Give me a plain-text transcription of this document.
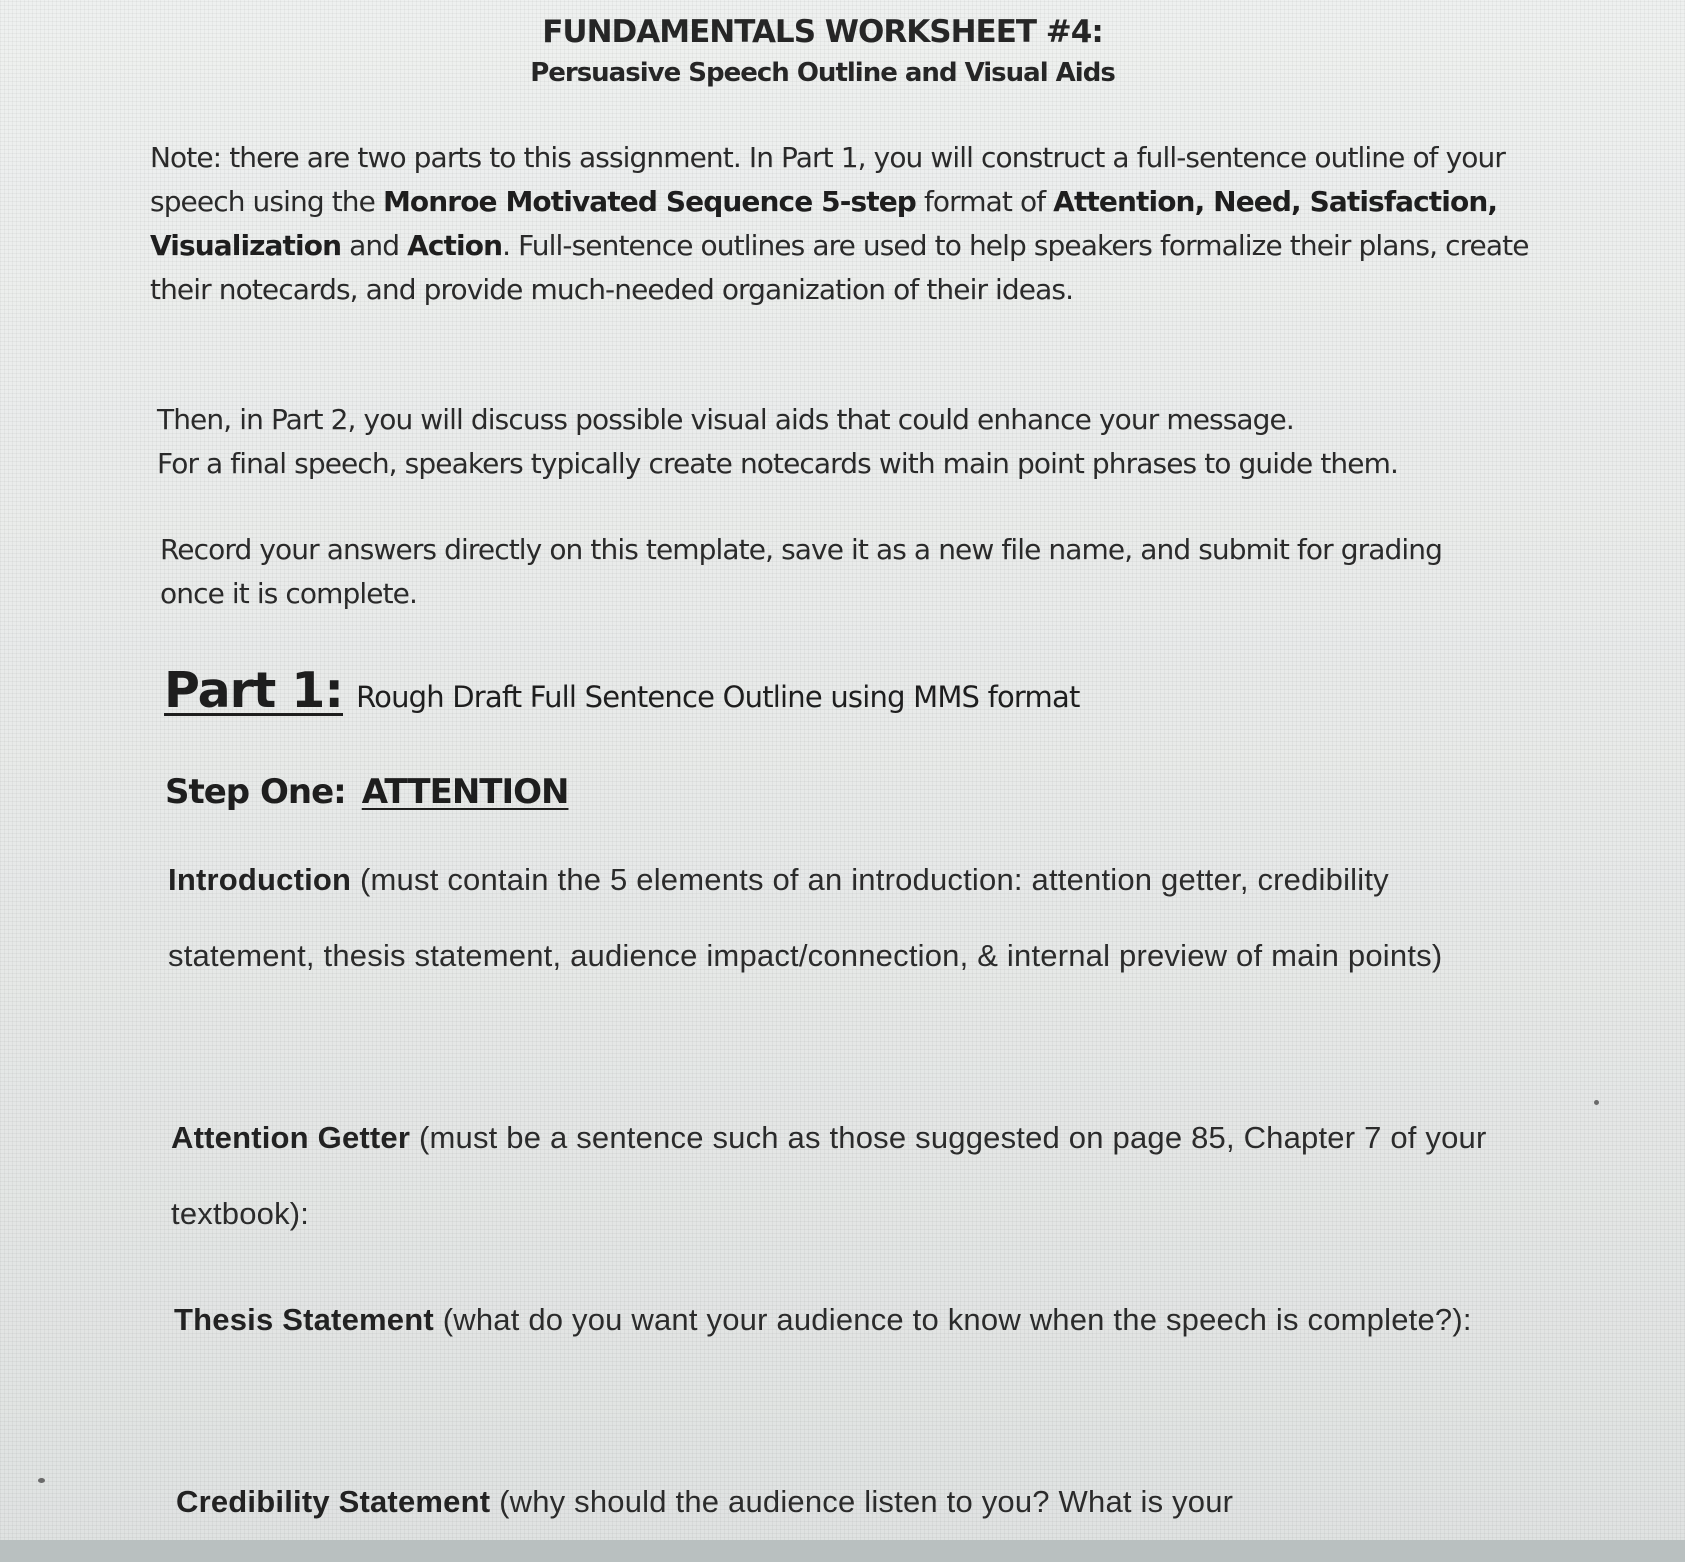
FUNDAMENTALS WORKSHEET #4:
Persuasive Speech Outline and Visual Aids
Note: there are two parts to this assignment. In Part 1, you will construct a full-sentence outline of your speech using the Monroe Motivated Sequence 5-step format of Attention, Need, Satisfaction, Visualization and Action. Full-sentence outlines are used to help speakers formalize their plans, create their notecards, and provide much-needed organization of their ideas.
Then, in Part 2, you will discuss possible visual aids that could enhance your message.
For a final speech, speakers typically create notecards with main point phrases to guide them.
Record your answers directly on this template, save it as a new file name, and submit for grading once it is complete.
Part 1: Rough Draft Full Sentence Outline using MMS format
Step One: ATTENTION
Introduction (must contain the 5 elements of an introduction: attention getter, credibility statement, thesis statement, audience impact/connection, & internal preview of main points)
Attention Getter (must be a sentence such as those suggested on page 85, Chapter 7 of your textbook):
Thesis Statement (what do you want your audience to know when the speech is complete?):
Credibility Statement (why should the audience listen to you? What is your
